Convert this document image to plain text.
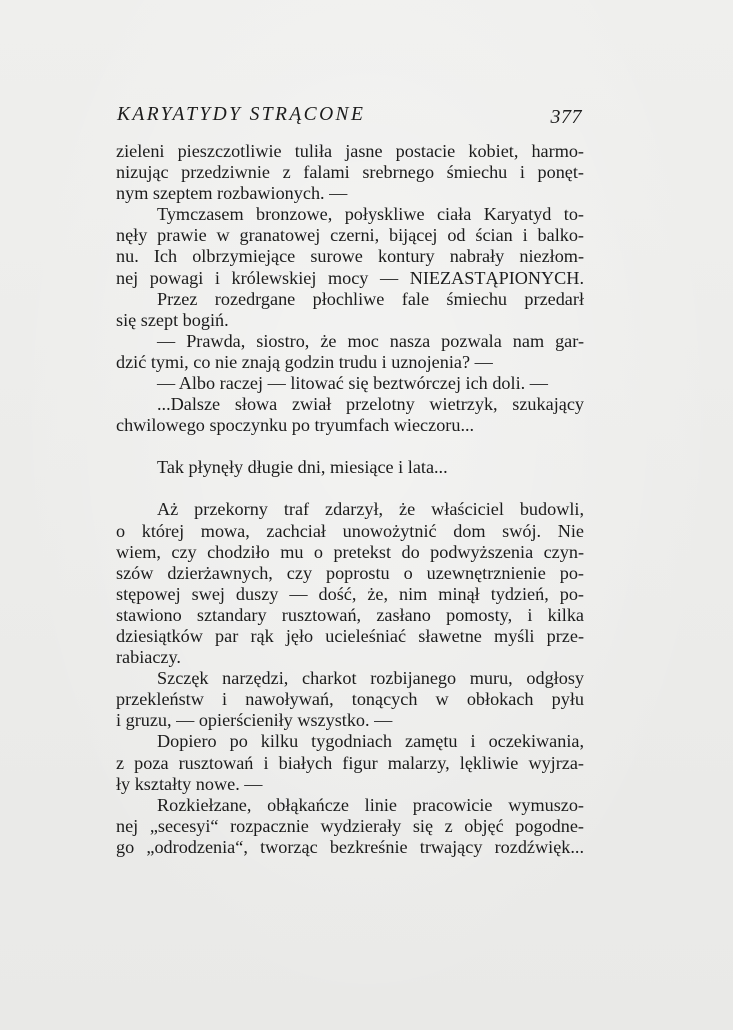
KARYATYDY STRĄCONE	377
zieleni pieszczotliwie tuliła jasne postacie kobiet, harmo-
nizując przedziwnie z falami srebrnego śmiechu i ponęt-
nym szeptem rozbawionych. —
Tymczasem bronzowe, połyskliwe ciała Karyatyd to-
nęły prawie w granatowej czerni, bijącej od ścian i balko-
nu. Ich olbrzymiejące surowe kontury nabrały niezłom-
nej powagi i królewskiej mocy — NIEZASTĄPIONYCH.
Przez rozedrgane płochliwe fale śmiechu przedarł
się szept bogiń.
— Prawda, siostro, że moc nasza pozwala nam gar-
dzić tymi, co nie znają godzin trudu i uznojenia? —
— Albo raczej — litować się beztwórczej ich doli. —
...Dalsze słowa zwiał przelotny wietrzyk, szukający
chwilowego spoczynku po tryumfach wieczoru...
Tak płynęły długie dni, miesiące i lata...
Aż przekorny traf zdarzył, że właściciel budowli,
o której mowa, zachciał unowożytnić dom swój. Nie
wiem, czy chodziło mu o pretekst do podwyższenia czyn-
szów dzierżawnych, czy poprostu o uzewnętrznienie po-
stępowej swej duszy — dość, że, nim minął tydzień, po-
stawiono sztandary rusztowań, zasłano pomosty, i kilka
dziesiątków par rąk jęło ucieleśniać sławetne myśli prze-
rabiaczy.
Szczęk narzędzi, charkot rozbijanego muru, odgłosy
przekleństw i nawoływań, tonących w obłokach pyłu
i gruzu, — opierścieniły wszystko. —
Dopiero po kilku tygodniach zamętu i oczekiwania,
z poza rusztowań i białych figur malarzy, lękliwie wyjrza-
ły kształty nowe. —
Rozkiełzane, obłąkańcze linie pracowicie wymuszo-
nej „secesyi“ rozpacznie wydzierały się z objęć pogodne-
go „odrodzenia“, tworząc bezkreśnie trwający rozdźwięk...
